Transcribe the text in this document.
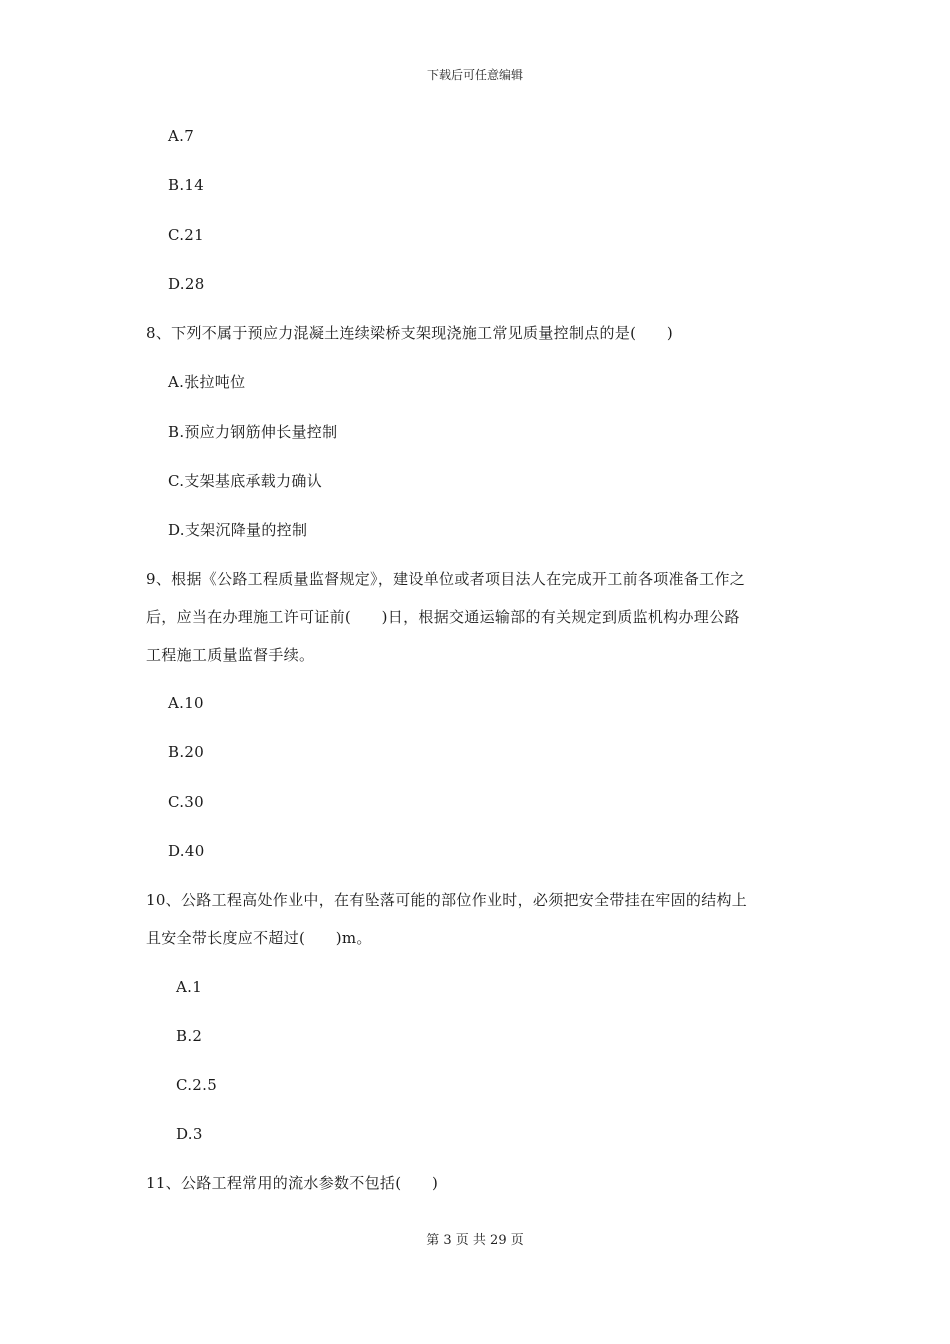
下载后可任意编辑
A.7
B.14
C.21
D.28
8、下列不属于预应力混凝土连续梁桥支架现浇施工常见质量控制点的是(　　)
A.张拉吨位
B.预应力钢筋伸长量控制
C.支架基底承载力确认
D.支架沉降量的控制
9、根据《公路工程质量监督规定》，建设单位或者项目法人在完成开工前各项准备工作之
后，应当在办理施工许可证前(　　)日，根据交通运输部的有关规定到质监机构办理公路
工程施工质量监督手续。
A.10
B.20
C.30
D.40
10、公路工程高处作业中，在有坠落可能的部位作业时，必须把安全带挂在牢固的结构上
且安全带长度应不超过(　　)m。
A.1
B.2
C.2.5
D.3
11、公路工程常用的流水参数不包括(　　)
第 3 页 共 29 页
